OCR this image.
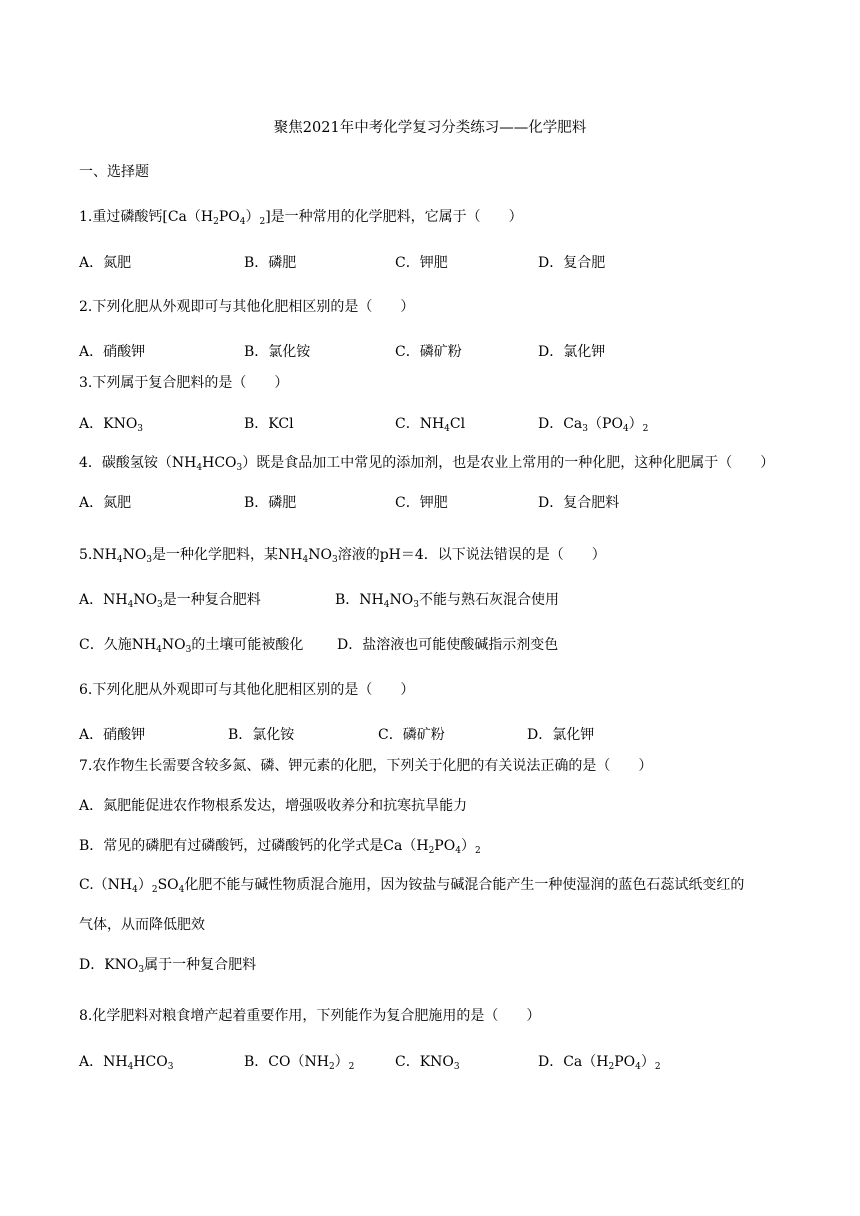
聚焦2021年中考化学复习分类练习——化学肥料
一、选择题
1.重过磷酸钙$[Ca(H_2PO_4)_2]$是一种常用的化学肥料，它属于（　　）
A．氮肥	B．磷肥	C．钾肥	D．复合肥
2.下列化肥从外观即可与其他化肥相区别的是（　　）
A．硝酸钾	B．氯化铵	C．磷矿粉	D．氯化钾
3.下列属于复合肥料的是（　　）
A．$KNO_3$	B．KCl	C．$NH_4Cl$	D．$Ca_3(PO_4)_2$
4．碳酸氢铵$(NH_4HCO_3)$既是食品加工中常见的添加剂，也是农业上常用的一种化肥，这种化肥属于（　　）
A．氮肥	B．磷肥	C．钾肥	D．复合肥料
$5.NH_4NO_3$是一种化学肥料，某$NH_4NO_3$溶液的pH＝4．以下说法错误的是（　　）
A．$NH_4NO_3$是一种复合肥料	B．$NH_4NO_3$不能与熟石灰混合使用
C．久施$NH_4NO_3$的土壤可能被酸化 D．盐溶液也可能使酸碱指示剂变色
6.下列化肥从外观即可与其他化肥相区别的是（　　）
A．硝酸钾	B．氯化铵	C．磷矿粉	D．氯化钾
7.农作物生长需要含较多氮、磷、钾元素的化肥，下列关于化肥的有关说法正确的是（　　）
A．氮肥能促进农作物根系发达，增强吸收养分和抗寒抗旱能力
B．常见的磷肥有过磷酸钙，过磷酸钙的化学式是$Ca(H_2PO_4)_2$
$C.(NH_4)_2SO_4$化肥不能与碱性物质混合施用，因为铵盐与碱混合能产生一种使湿润的蓝色石蕊试纸变红的
气体，从而降低肥效
D．$KNO_3$属于一种复合肥料
8.化学肥料对粮食增产起着重要作用，下列能作为复合肥施用的是（　　）
A．$NH_4HCO_3$	B．$CO(NH_2)_2$	C．$KNO_3$	D．$Ca(H_2PO_4)_2$
